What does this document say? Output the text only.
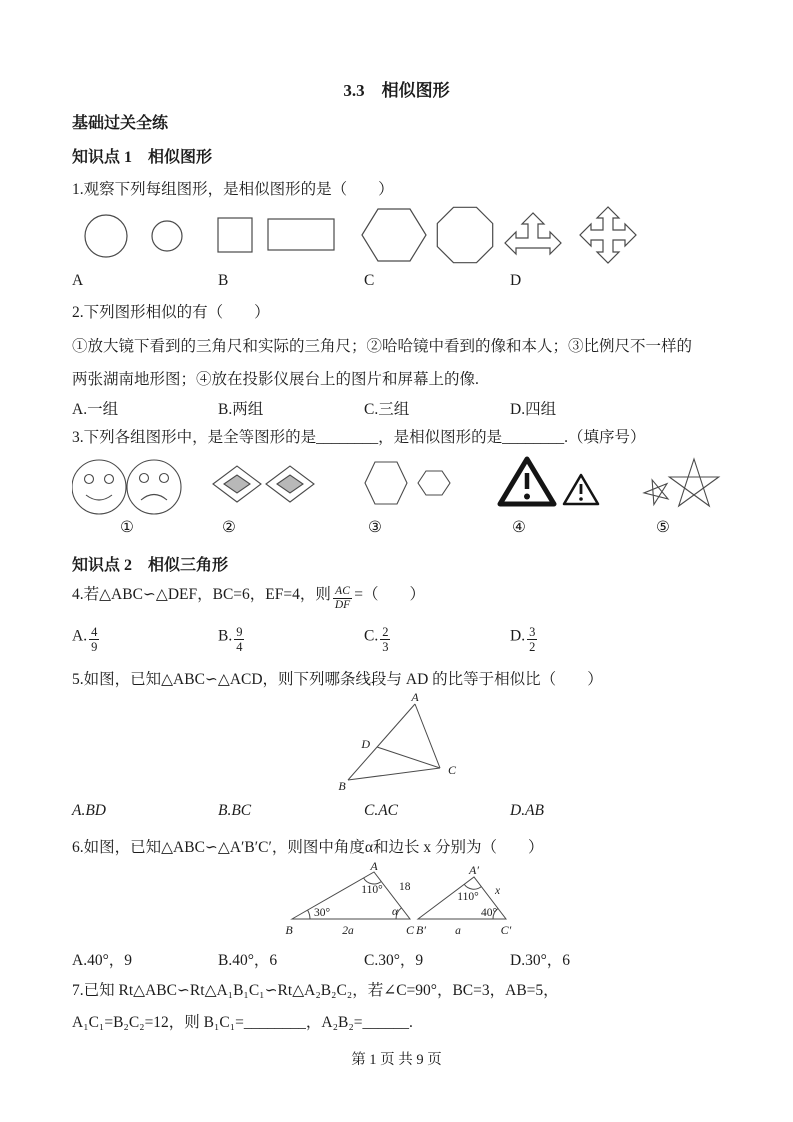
3.3　相似图形
基础过关全练
知识点 1　相似图形
1.观察下列每组图形，是相似图形的是（　　）
A	B	C	D
2.下列图形相似的有（　　）
①放大镜下看到的三角尺和实际的三角尺；②哈哈镜中看到的像和本人；③比例尺不一样的
两张湖南地形图；④放在投影仪展台上的图片和屏幕上的像.
A.一组	B.两组	C.三组	D.四组
3.下列各组图形中，是全等图形的是________，是相似图形的是________.（填序号）
①	②	③	④	⑤
知识点 2　相似三角形
4.若△ABC∽△DEF，BC=6，EF=4，则 $\frac{AC}{DF}$ =（　　）
A. $\frac{4}{9}$	B. $\frac{9}{4}$	C. $\frac{2}{3}$	D. $\frac{3}{2}$
5.如图，已知△ABC∽△ACD，则下列哪条线段与 AD 的比等于相似比（　　）
A
D
B
C
A.BD	B.BC	C.AC	D.AB
6.如图，已知△ABC∽△A′B′C′，则图中角度α和边长 x 分别为（　　）
A
110°
30°	α
18
2a
B	C
A′
110°
40°
x
a
B′	C′
A.40°，9	B.40°，6	C.30°，9	D.30°，6
7.已知 Rt△ABC∽Rt△A₁B₁C₁∽Rt△A₂B₂C₂，若∠C=90°，BC=3，AB=5，
A₁C₁=B₂C₂=12，则 B₁C₁=________，A₂B₂=______.
第 1 页 共 9 页
